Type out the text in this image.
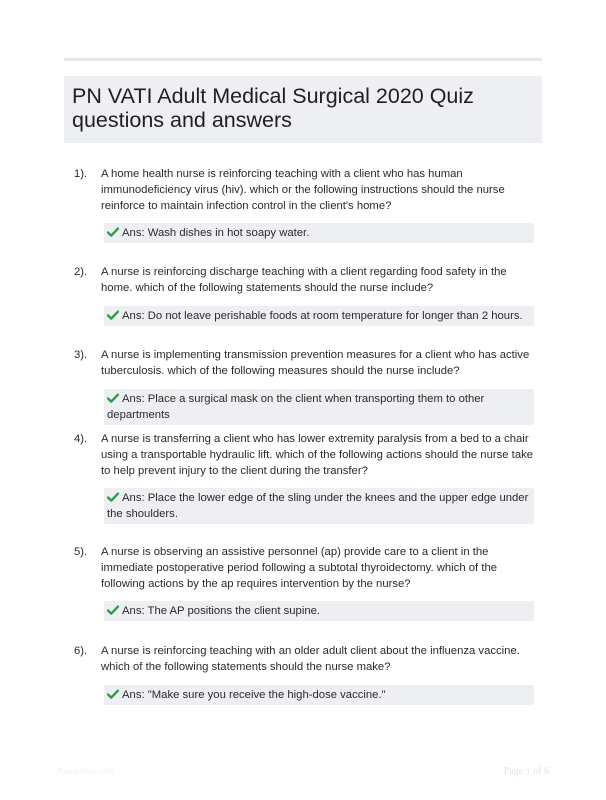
PN VATI Adult Medical Surgical 2020 Quiz questions and answers
1). A home health nurse is reinforcing teaching with a client who has human immunodeficiency virus (hiv). which or the following instructions should the nurse reinforce to maintain infection control in the client's home?
Ans: Wash dishes in hot soapy water.
2). A nurse is reinforcing discharge teaching with a client regarding food safety in the home. which of the following statements should the nurse include?
Ans: Do not leave perishable foods at room temperature for longer than 2 hours.
3). A nurse is implementing transmission prevention measures for a client who has active tuberculosis. which of the following measures should the nurse include?
Ans: Place a surgical mask on the client when transporting them to other departments
4). A nurse is transferring a client who has lower extremity paralysis from a bed to a chair using a transportable hydraulic lift. which of the following actions should the nurse take to help prevent injury to the client during the transfer?
Ans: Place the lower edge of the sling under the knees and the upper edge under the shoulders.
5). A nurse is observing an assistive personnel (ap) provide care to a client in the immediate postoperative period following a subtotal thyroidectomy. which of the following actions by the ap requires intervention by the nurse?
Ans: The AP positions the client supine.
6). A nurse is reinforcing teaching with an older adult client about the influenza vaccine. which of the following statements should the nurse make?
Ans: "Make sure you receive the high-dose vaccine."
Papertithic.com	Page 1 of 6
